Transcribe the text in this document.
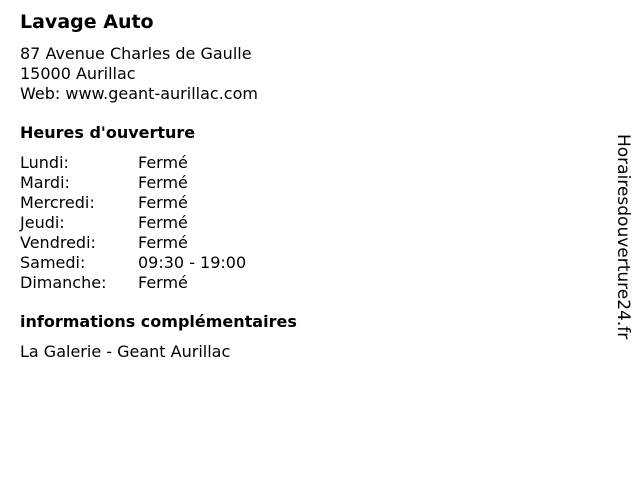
Lavage Auto
87 Avenue Charles de Gaulle
15000 Aurillac
Web: www.geant-aurillac.com
Heures d'ouverture
Lundi:	Fermé
Mardi:	Fermé
Mercredi:	Fermé
Jeudi:	Fermé
Vendredi:	Fermé
Samedi:	09:30 - 19:00
Dimanche:	Fermé
informations complémentaires
La Galerie - Geant Aurillac
Horairesdouverture24.fr
